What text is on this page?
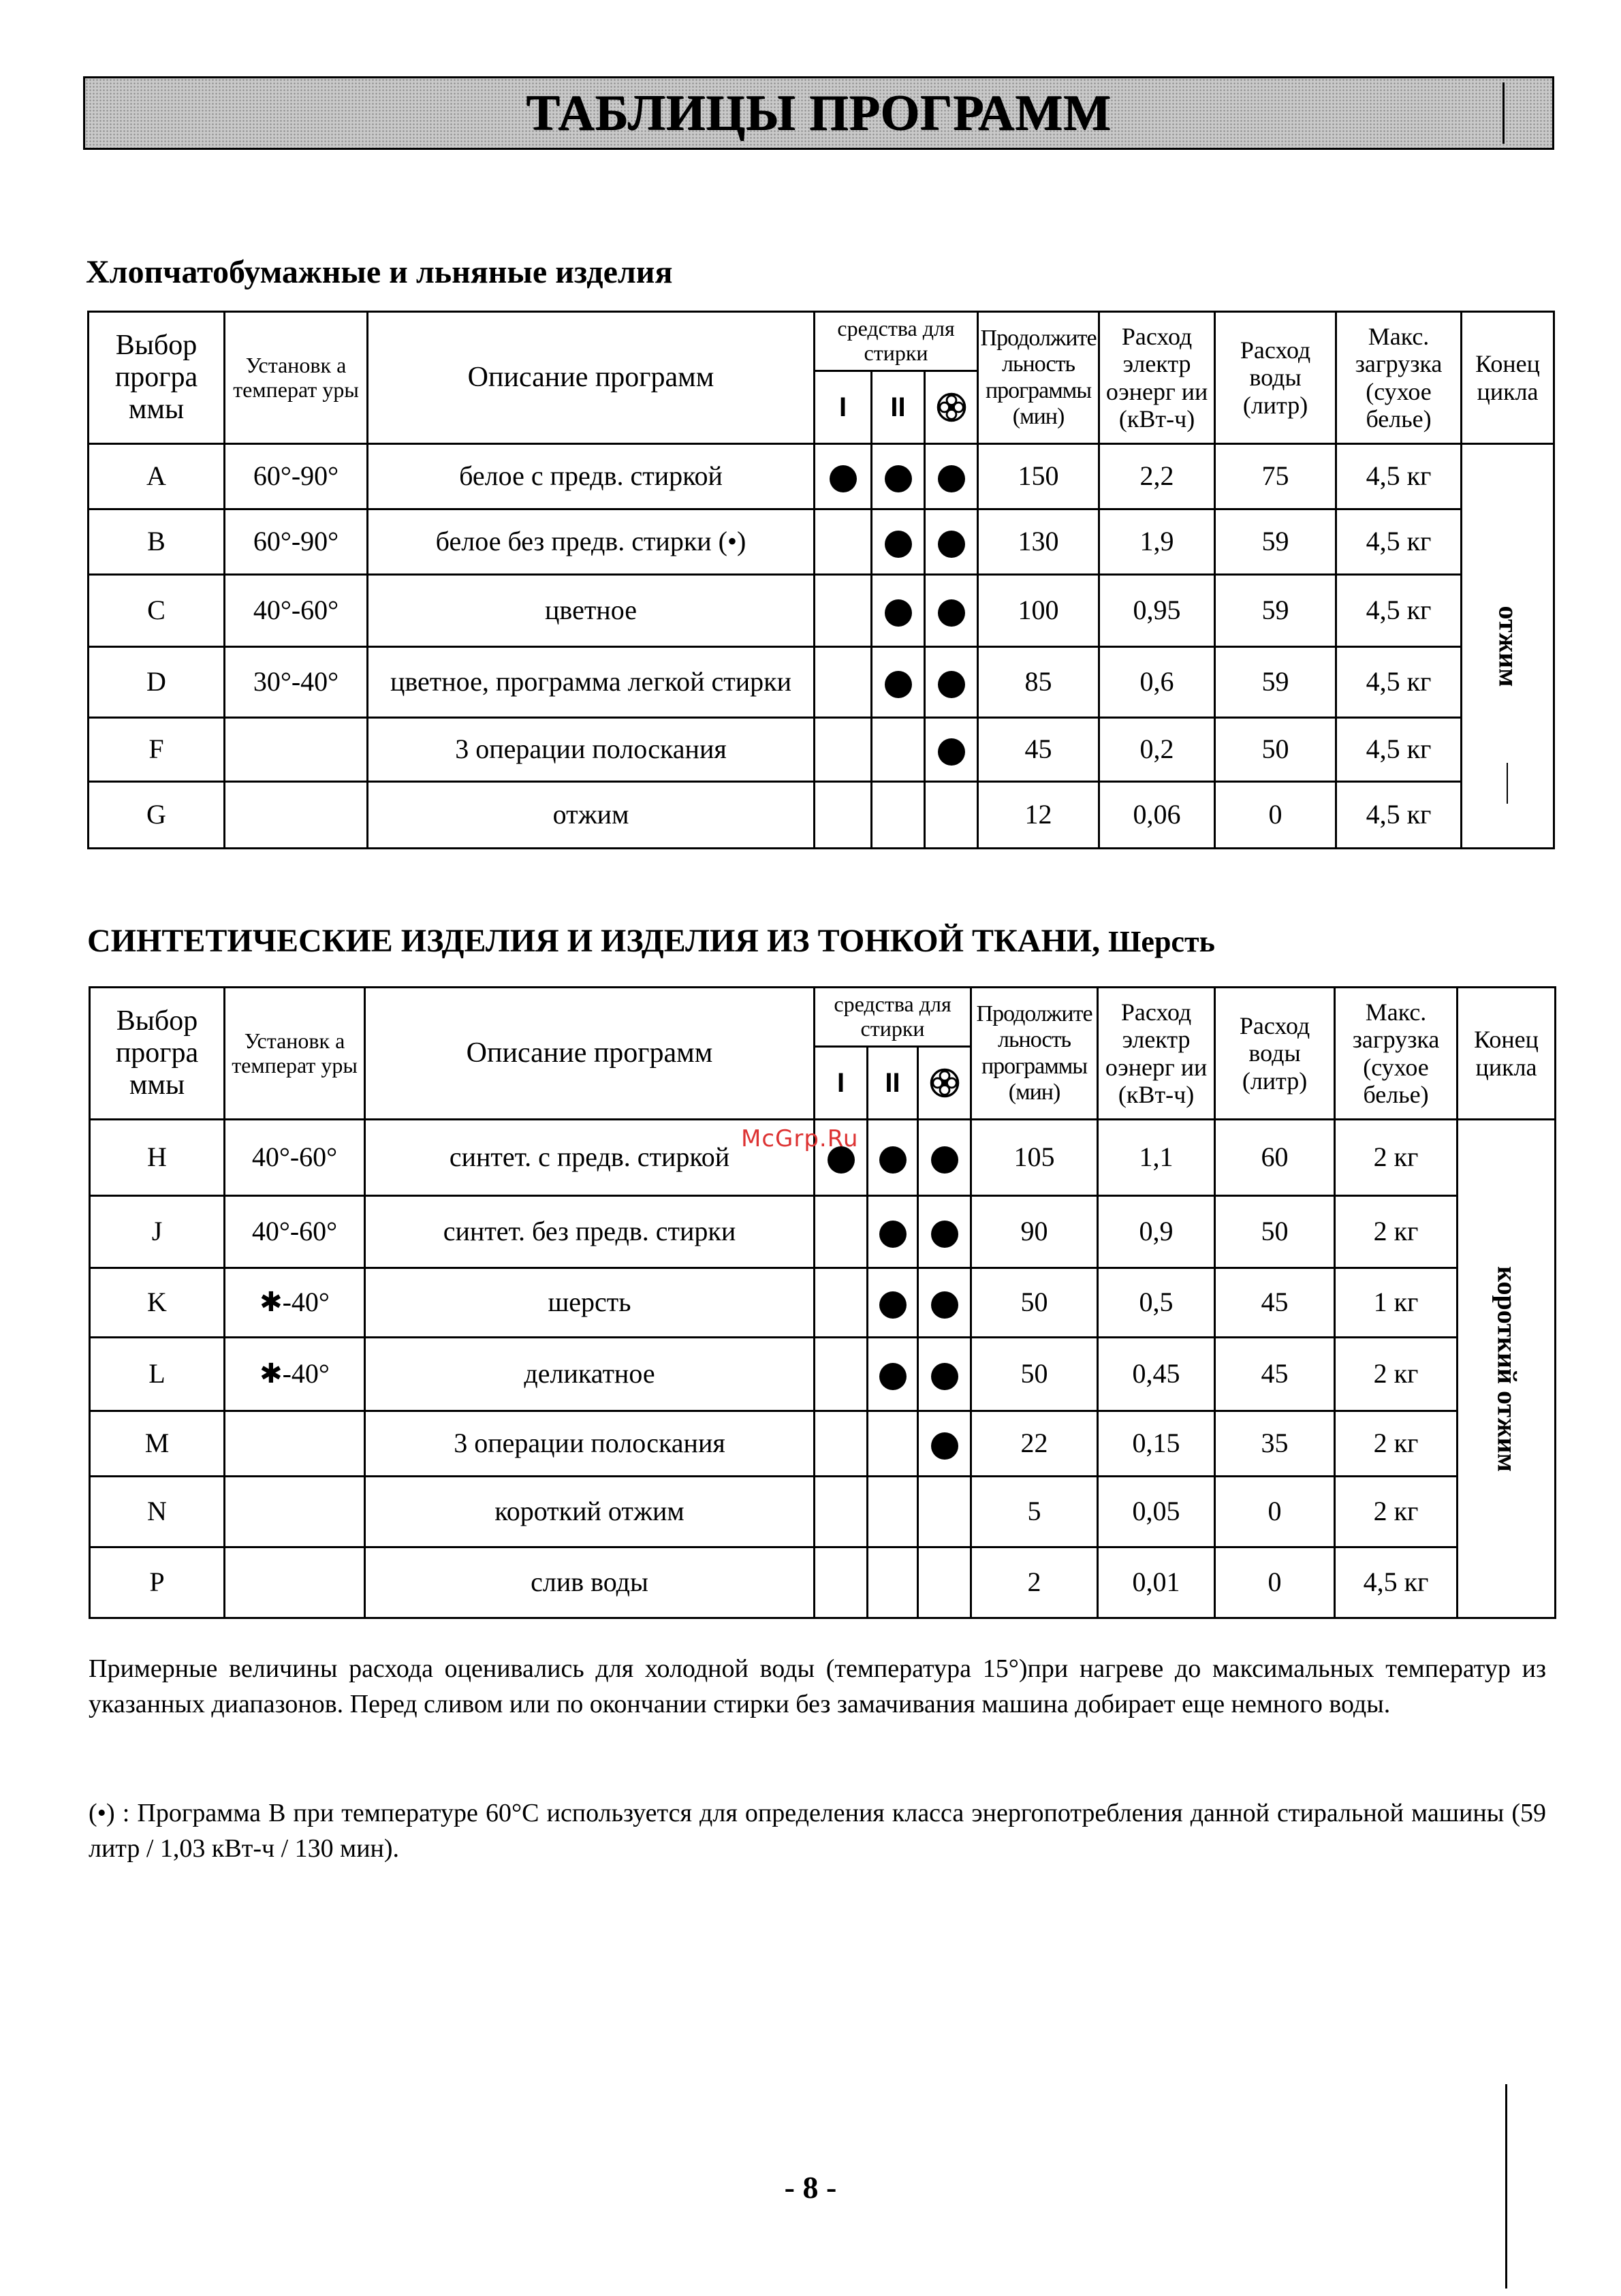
ТАБЛИЦЫ ПРОГРАММ
Хлопчатобумажные и льняные изделия
Выбор програ ммы	Установк а температ уры	Описание программ	средства для стирки			Продолжите льность программы (мин)	Расход электр оэнерг ии (кВт-ч)	Расход воды (литр)	Макс. загрузка (сухое белье)	Конец цикла
			I	II	
A	60°-90°	белое с предв. стиркой				150	2,2	75	4,5 кг	отжим

B	60°-90°	белое без предв. стирки (•)				130	1,9	59	4,5 кг	
C	40°-60°	цветное				100	0,95	59	4,5 кг	
D	30°-40°	цветное, программа легкой стирки				85	0,6	59	4,5 кг	
F		3 операции полоскания				45	0,2	50	4,5 кг	
G		отжим				12	0,06	0	4,5 кг	
СИНТЕТИЧЕСКИЕ ИЗДЕЛИЯ И ИЗДЕЛИЯ ИЗ ТОНКОЙ ТКАНИ, Шерсть
Выбор програ ммы	Установк а температ уры	Описание программ	средства для стирки			Продолжите льность программы (мин)	Расход электр оэнерг ии (кВт-ч)	Расход воды (литр)	Макс. загрузка (сухое белье)	Конец цикла
			I	II	
H	40°-60°	синтет. с предв. стиркой				105	1,1	60	2 кг	короткий отжим

J	40°-60°	синтет. без предв. стирки				90	0,9	50	2 кг	
K	✱-40°	шерсть				50	0,5	45	1 кг	
L	✱-40°	деликатное				50	0,45	45	2 кг	
M		3 операции полоскания				22	0,15	35	2 кг	
N		короткий отжим				5	0,05	0	2 кг	
P		слив воды				2	0,01	0	4,5 кг	
McGrp.Ru

Примерные величины расхода оценивались для холодной воды (температура 15°)при нагреве до максимальных температур из указанных диапазонов. Перед сливом или по окончании стирки без замачивания машина добирает еще немного воды.

(•) : Программа В при температуре 60°С используется для определения класса энергопотребления данной стиральной машины (59 литр / 1,03 кВт-ч / 130 мин).

- 8 -
